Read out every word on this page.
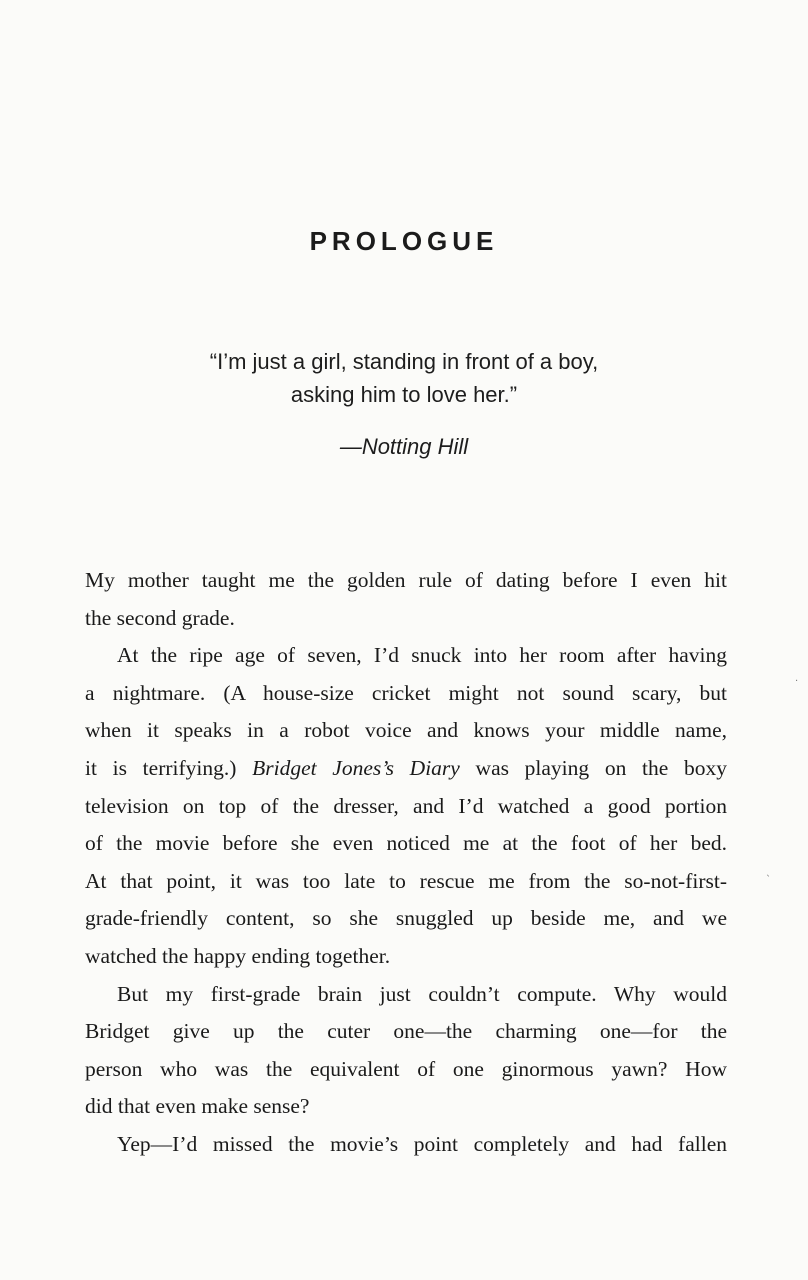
PROLOGUE
“I’m just a girl, standing in front of a boy,
asking him to love her.”
—Notting Hill
My mother taught me the golden rule of dating before I even hit
the second grade.
At the ripe age of seven, I’d snuck into her room after having
a nightmare. (A house-size cricket might not sound scary, but
when it speaks in a robot voice and knows your middle name,
it is terrifying.) Bridget Jones’s Diary was playing on the boxy
television on top of the dresser, and I’d watched a good portion
of the movie before she even noticed me at the foot of her bed.
At that point, it was too late to rescue me from the so-not-first-
grade-friendly content, so she snuggled up beside me, and we
watched the happy ending together.
But my first-grade brain just couldn’t compute. Why would
Bridget give up the cuter one—the charming one—for the
person who was the equivalent of one ginormous yawn? How
did that even make sense?
Yep—I’d missed the movie’s point completely and had fallen
·
ˎ
